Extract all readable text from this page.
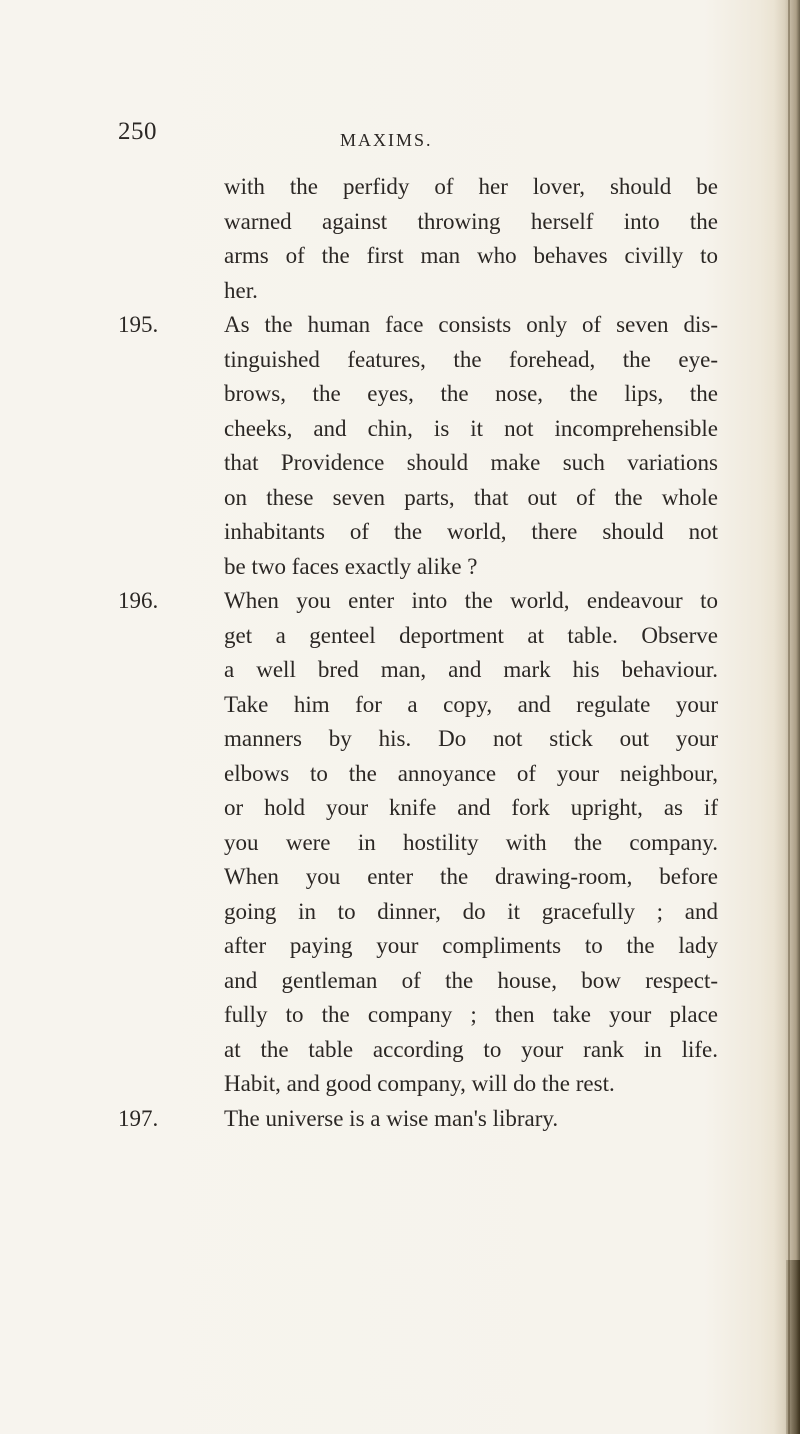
250	MAXIMS.
with the perfidy of her lover, should be
warned against throwing herself into the
arms of the first man who behaves civilly to
her.
195.	As the human face consists only of seven dis-
tinguished features, the forehead, the eye-
brows, the eyes, the nose, the lips, the
cheeks, and chin, is it not incomprehensible
that Providence should make such variations
on these seven parts, that out of the whole
inhabitants of the world, there should not
be two faces exactly alike ?
196.	When you enter into the world, endeavour to
get a genteel deportment at table. Observe
a well bred man, and mark his behaviour.
Take him for a copy, and regulate your
manners by his. Do not stick out your
elbows to the annoyance of your neighbour,
or hold your knife and fork upright, as if
you were in hostility with the company.
When you enter the drawing-room, before
going in to dinner, do it gracefully ; and
after paying your compliments to the lady
and gentleman of the house, bow respect-
fully to the company ; then take your place
at the table according to your rank in life.
Habit, and good company, will do the rest.
197.	The universe is a wise man's library.
